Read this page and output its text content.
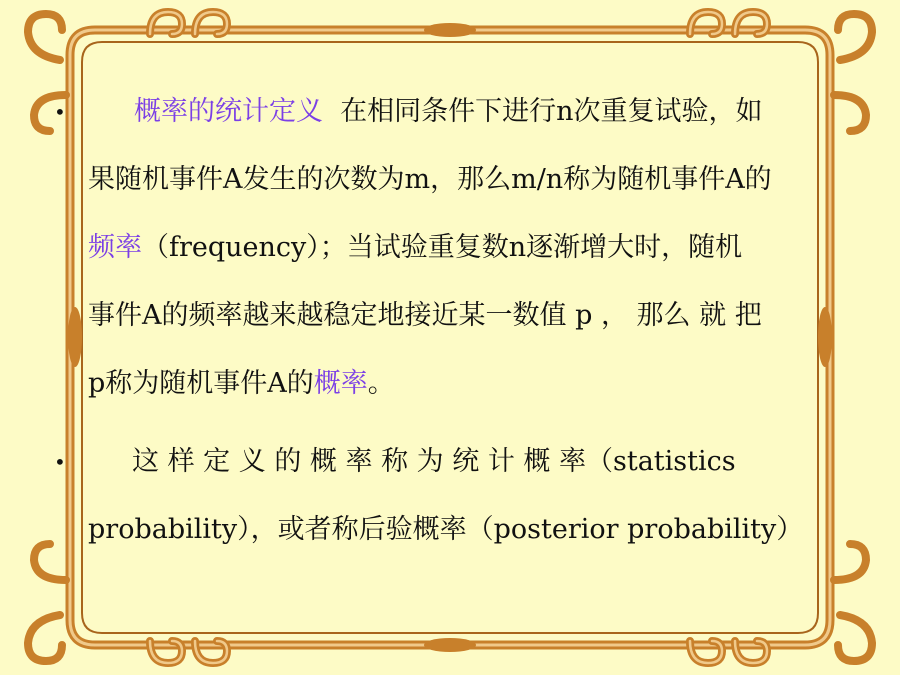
•
•
概率的统计定义 在相同条件下进行n次重复试验，如
果随机事件A发生的次数为m，那么m/n称为随机事件A的
频率（frequency）；当试验重复数n逐渐增大时，随机
事件A的频率越来越稳定地接近某一数值 p ， 那么 就 把
p称为随机事件A的概率。
这 样 定 义 的 概 率 称 为 统 计 概 率（statistics
probability），或者称后验概率（posterior probability）
